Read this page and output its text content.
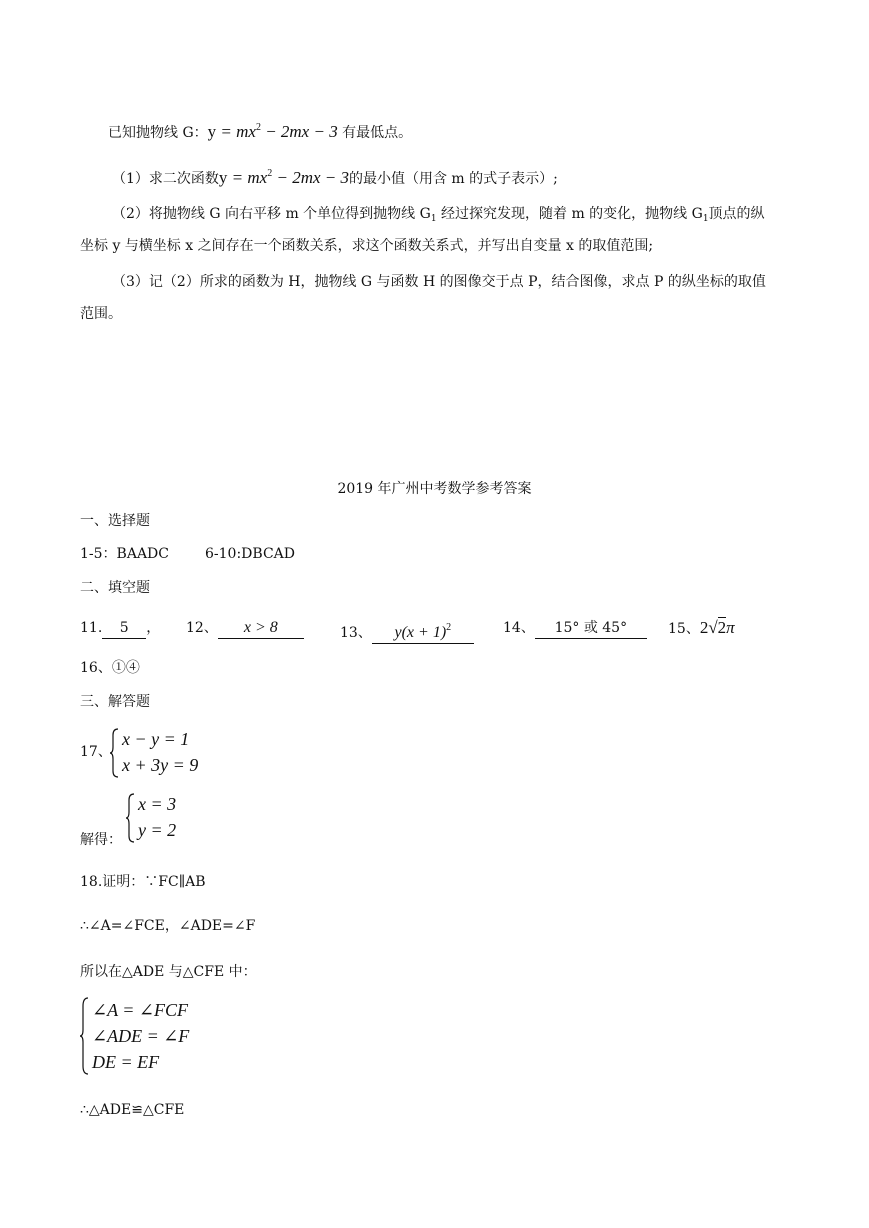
已知抛物线 G：$y = mx^2 - 2mx - 3$ 有最低点。
（1）求二次函数$y = mx^2 - 2mx - 3$的最小值（用含 m 的式子表示）;
（2）将抛物线 G 向右平移 m 个单位得到抛物线 $G_1$ 经过探究发现，随着 m 的变化，抛物线 $G_1$顶点的纵
坐标 y 与横坐标 x 之间存在一个函数关系，求这个函数关系式，并写出自变量 x 的取值范围;
（3）记（2）所求的函数为 H，抛物线 G 与函数 H 的图像交于点 P，结合图像，求点 P 的纵坐标的取值
范围。
2019 年广州中考数学参考答案
一、选择题
1-5：BAADC	6-10:DBCAD
二、填空题
11. 5 ， 12、 x > 8	13、 $y(x + 1)^2$	14、 15° 或 45°	15、2√2π
16、①④
三、解答题
17、
x − y = 1
x + 3y = 9
x = 3
y = 2
解得：
18.证明：∵FC∥AB
∴∠A=∠FCE，∠ADE=∠F
所以在△ADE 与△CFE 中：
∠A = ∠FCF
∠ADE = ∠F
DE = EF
∴△ADE≌△CFE
